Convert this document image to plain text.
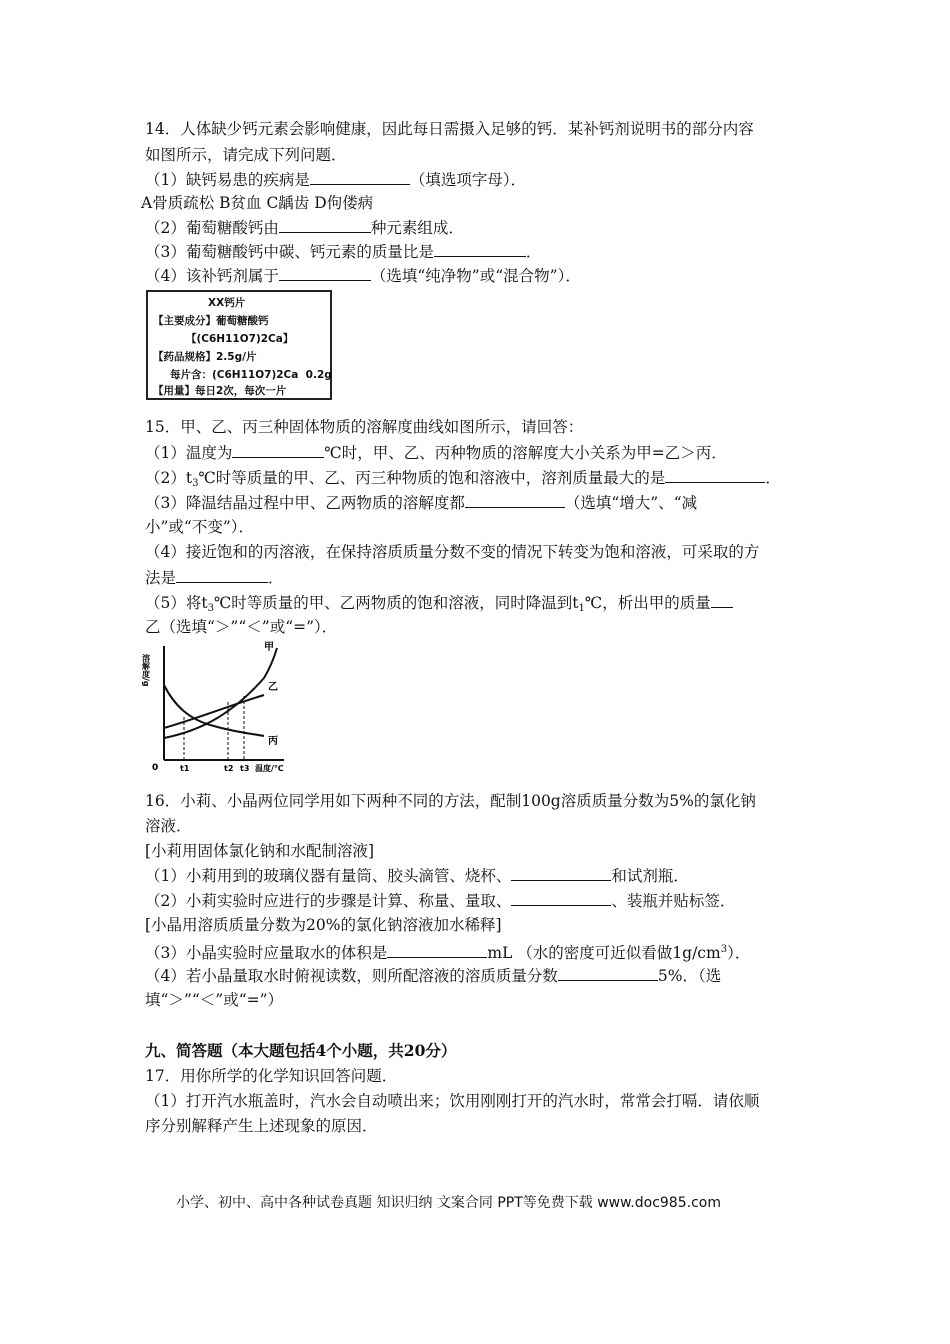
14．人体缺少钙元素会影响健康，因此每日需摄入足够的钙．某补钙剂说明书的部分内容
如图所示，请完成下列问题．
（1）缺钙易患的疾病是	（填选项字母）．
A骨质疏松 B贫血 C龋齿 D佝偻病
（2）葡萄糖酸钙由	种元素组成．
（3）葡萄糖酸钙中碳、钙元素的质量比是	．
（4）该补钙剂属于	（选填“纯净物”或“混合物”）．
XX钙片
【主要成分】葡萄糖酸钙
【(C6H11O7)2Ca】
【药品规格】2.5g/片
每片含：(C6H11O7)2Ca 0.2g
【用量】每日2次，每次一片
15．甲、乙、丙三种固体物质的溶解度曲线如图所示，请回答：
（1）温度为	℃时，甲、乙、丙种物质的溶解度大小关系为甲=乙＞丙．
$(2)t_3℃$时等质量的甲、乙、丙三种物质的饱和溶液中，溶剂质量最大的是	．
（3）降温结晶过程中甲、乙两物质的溶解度都	（选填“增大”、“减
小”或“不变”）．
（4）接近饱和的丙溶液，在保持溶质质量分数不变的情况下转变为饱和溶液，可采取的方
法是	．
（5）将$t_3℃$时等质量的甲、乙两物质的饱和溶液，同时降温到$t_1℃$，析出甲的质量
乙（选填“＞”“＜”或“=”）．
溶解度/g
0	t1	t2 t3 温度/℃
甲
乙
丙
16．小莉、小晶两位同学用如下两种不同的方法，配制100g溶质质量分数为5%的氯化钠
溶液．
[小莉用固体氯化钠和水配制溶液]
（1）小莉用到的玻璃仪器有量筒、胶头滴管、烧杯、	和试剂瓶．
（2）小莉实验时应进行的步骤是计算、称量、量取、	、装瓶并贴标签．
[小晶用溶质质量分数为20%的氯化钠溶液加水稀释]
（3）小晶实验时应量取水的体积是	mL （水的密度可近似看做$1g/cm^3$）．
（4）若小晶量取水时俯视读数，则所配溶液的溶质质量分数	5%．（选
填“＞”“＜”或“=”）
九、简答题（本大题包括4个小题，共20分）
17．用你所学的化学知识回答问题．
（1）打开汽水瓶盖时，汽水会自动喷出来；饮用刚刚打开的汽水时，常常会打嗝．请依顺
序分别解释产生上述现象的原因．
小学、初中、高中各种试卷真题 知识归纳 文案合同 PPT等免费下载 www.doc985.com
